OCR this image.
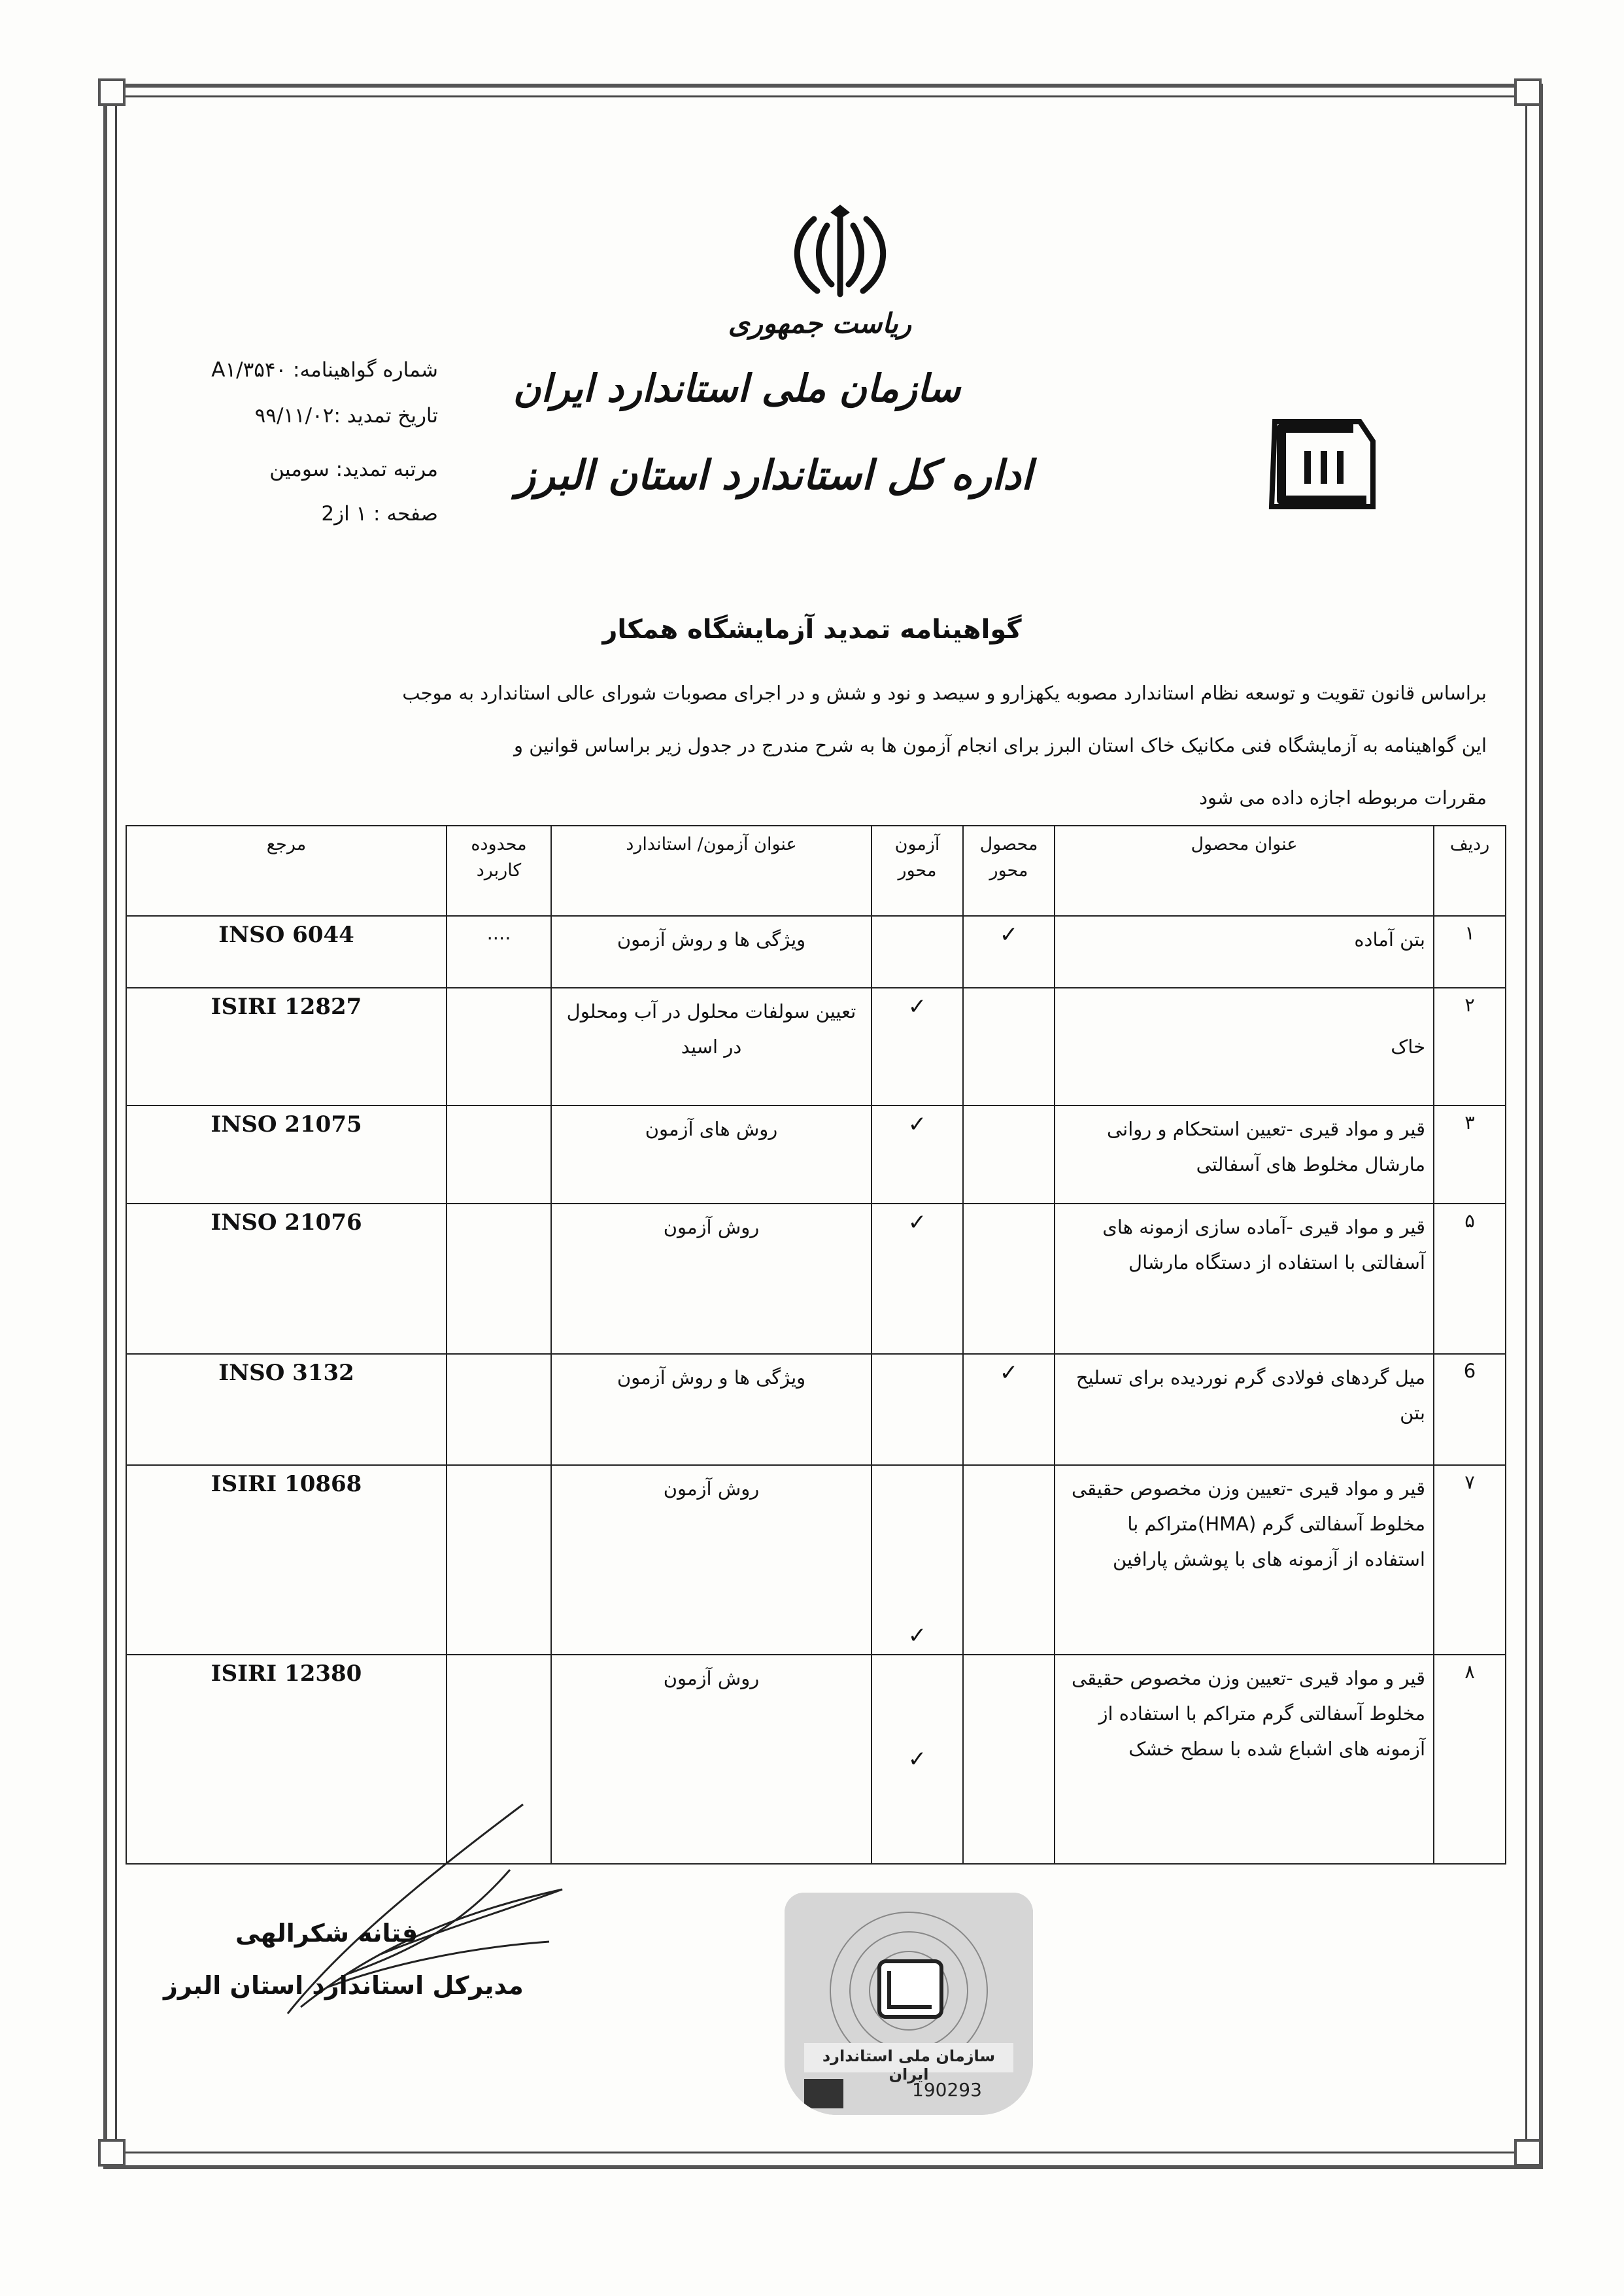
ریاست جمهوری
سازمان ملی استاندارد ایران
اداره کل استاندارد استان البرز
شماره گواهینامه: A۱/۳۵۴۰
تاریخ تمدید :۹۹/۱۱/۰۲
مرتبه تمدید: سومین
صفحه : ۱ از2
گواهینامه تمدید آزمایشگاه همکار
براساس قانون تقویت و توسعه نظام استاندارد مصوبه یکهزارو و سیصد و نود و شش و در اجرای مصوبات شورای عالی استاندارد به موجب
این گواهینامه به آزمایشگاه فنی مکانیک خاک استان البرز برای انجام آزمون ها به شرح مندرج در جدول زیر براساس قوانین و
مقررات مربوطه اجازه داده می شود
ردیف	عنوان محصول	محصول محور	آزمون محور	عنوان آزمون/ استاندارد	محدوده کاربرد	مرجع
۱	بتن آماده	✓		ویژگی ها و روش آزمون	....	INSO 6044
۲	خاک		✓	تعیین سولفات محلول در آب ومحلول در اسید		ISIRI 12827
۳	قیر و مواد قیری -تعیین استحکام و روانی مارشال مخلوط های آسفالتی		✓	روش های آزمون		INSO 21075
۵	قیر و مواد قیری -آماده سازی ازمونه های آسفالتی با استفاده از دستگاه مارشال		✓	روش آزمون		INSO 21076
6	میل گردهای فولادی گرم نوردیده برای تسلیح بتن	✓		ویژگی ها و روش آزمون		INSO 3132
۷	قیر و مواد قیری -تعیین وزن مخصوص حقیقی مخلوط آسفالتی گرم (HMA)متراکم با استفاده از آزمونه های با پوشش پارافین		✓	روش آزمون		ISIRI 10868
۸	قیر و مواد قیری -تعیین وزن مخصوص حقیقی مخلوط آسفالتی گرم متراکم با استفاده از آزمونه های اشباع شده با سطح خشک		✓	روش آزمون		ISIRI 12380
فتانه شکرالهی
مدیرکل استاندارد استان البرز
سازمان ملی استاندارد ایران
190293
